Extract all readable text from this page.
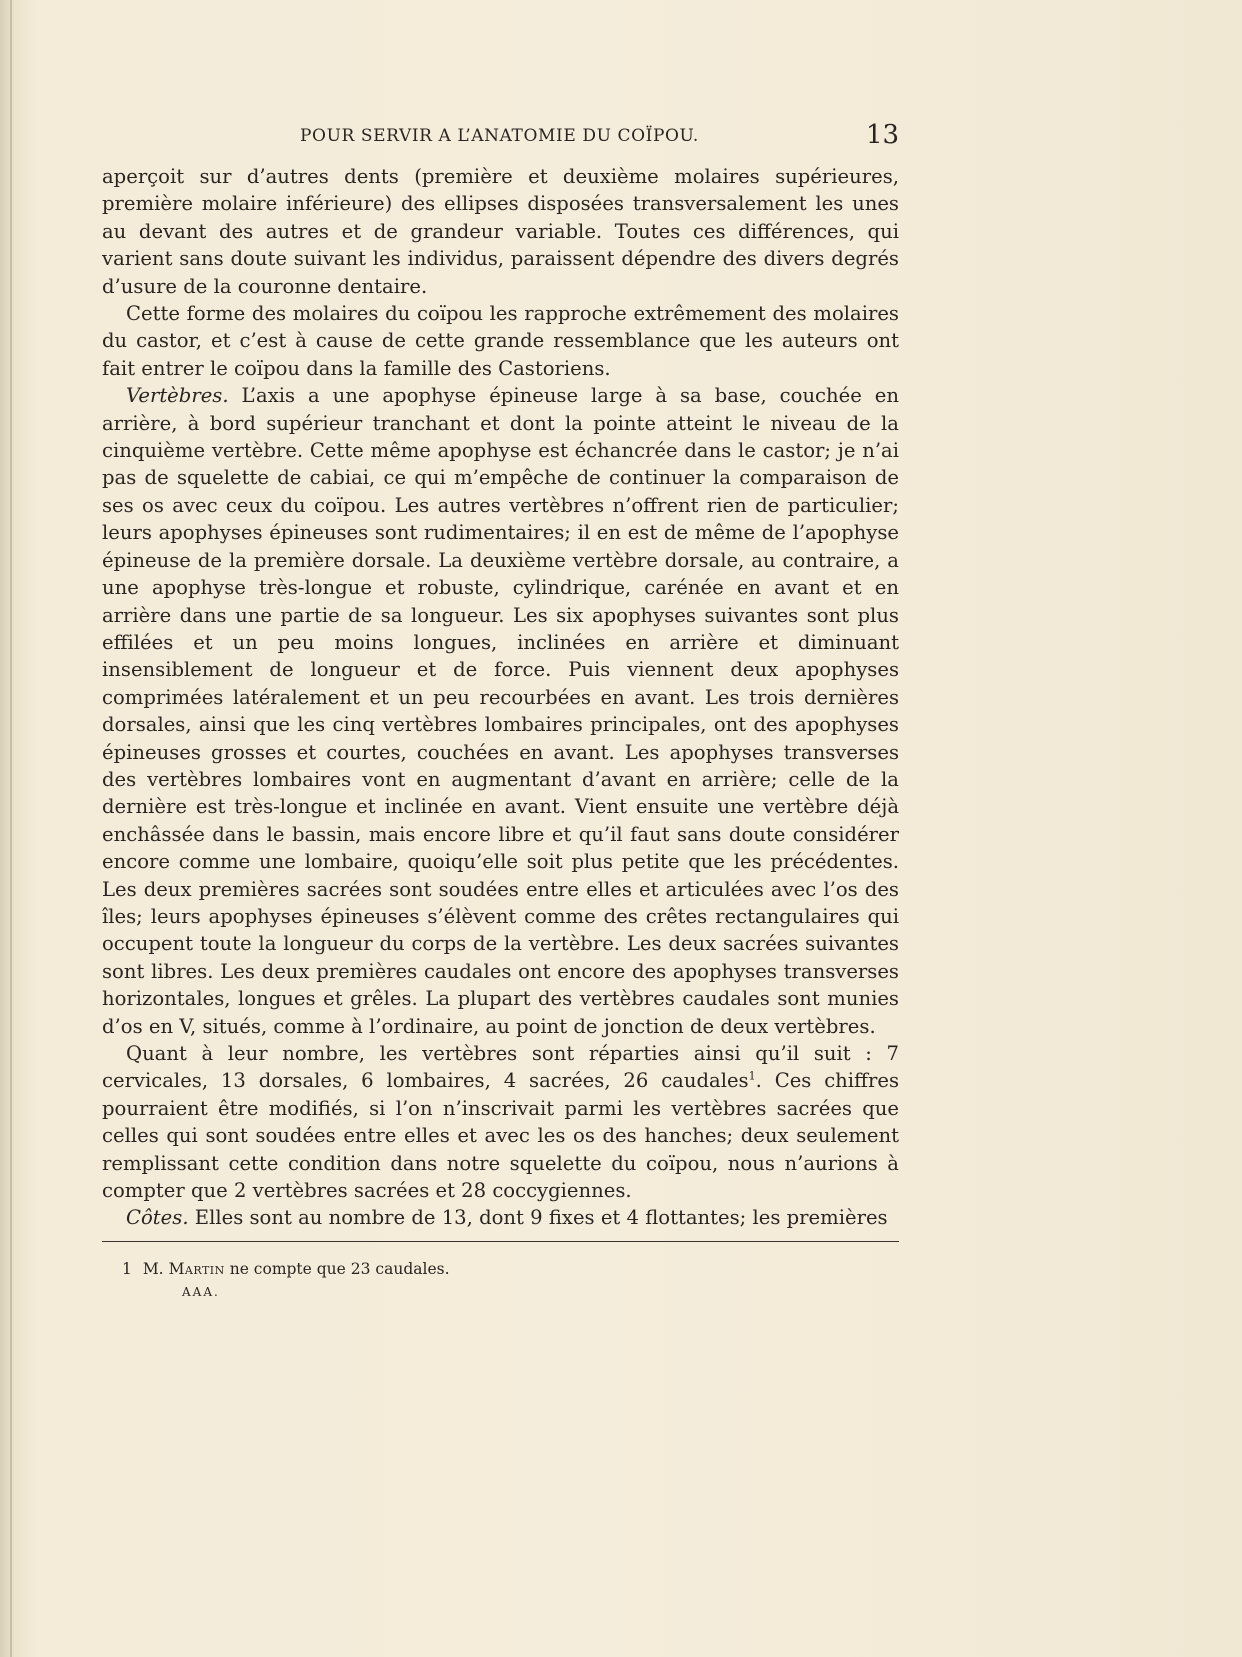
POUR SERVIR A L’ANATOMIE DU COÏPOU.	13

aperçoit sur d’autres dents (première et deuxième molaires supérieures, première molaire inférieure) des ellipses disposées transversalement les unes au devant des autres et de grandeur variable. Toutes ces différences, qui varient sans doute suivant les individus, paraissent dépendre des divers degrés d’usure de la couronne dentaire.

Cette forme des molaires du coïpou les rapproche extrêmement des molaires du castor, et c’est à cause de cette grande ressemblance que les auteurs ont fait entrer le coïpou dans la famille des Castoriens.

Vertèbres. L’axis a une apophyse épineuse large à sa base, couchée en arrière, à bord supérieur tranchant et dont la pointe atteint le niveau de la cinquième vertèbre. Cette même apophyse est échancrée dans le castor; je n’ai pas de squelette de cabiai, ce qui m’empêche de continuer la comparaison de ses os avec ceux du coïpou. Les autres vertèbres n’offrent rien de particulier; leurs apophyses épineuses sont rudimentaires; il en est de même de l’apophyse épineuse de la première dorsale. La deuxième vertèbre dorsale, au contraire, a une apophyse très-longue et robuste, cylindrique, carénée en avant et en arrière dans une partie de sa longueur. Les six apophyses suivantes sont plus effilées et un peu moins longues, inclinées en arrière et diminuant insensiblement de longueur et de force. Puis viennent deux apophyses comprimées latéralement et un peu recourbées en avant. Les trois dernières dorsales, ainsi que les cinq vertèbres lombaires principales, ont des apophyses épineuses grosses et courtes, couchées en avant. Les apophyses transverses des vertèbres lombaires vont en augmentant d’avant en arrière; celle de la dernière est très-longue et inclinée en avant. Vient ensuite une vertèbre déjà enchâssée dans le bassin, mais encore libre et qu’il faut sans doute considérer encore comme une lombaire, quoiqu’elle soit plus petite que les précédentes. Les deux premières sacrées sont soudées entre elles et articulées avec l’os des îles; leurs apophyses épineuses s’élèvent comme des crêtes rectangulaires qui occupent toute la longueur du corps de la vertèbre. Les deux sacrées suivantes sont libres. Les deux premières caudales ont encore des apophyses transverses horizontales, longues et grêles. La plupart des vertèbres caudales sont munies d’os en V, situés, comme à l’ordinaire, au point de jonction de deux vertèbres.

Quant à leur nombre, les vertèbres sont réparties ainsi qu’il suit : 7 cervicales, 13 dorsales, 6 lombaires, 4 sacrées, 26 caudales$^1$. Ces chiffres pourraient être modifiés, si l’on n’inscrivait parmi les vertèbres sacrées que celles qui sont soudées entre elles et avec les os des hanches; deux seulement remplissant cette condition dans notre squelette du coïpou, nous n’aurions à compter que 2 vertèbres sacrées et 28 coccygiennes.

Côtes. Elles sont au nombre de 13, dont 9 fixes et 4 flottantes; les premières

1 M. Martin ne compte que 23 caudales.
AAA.
